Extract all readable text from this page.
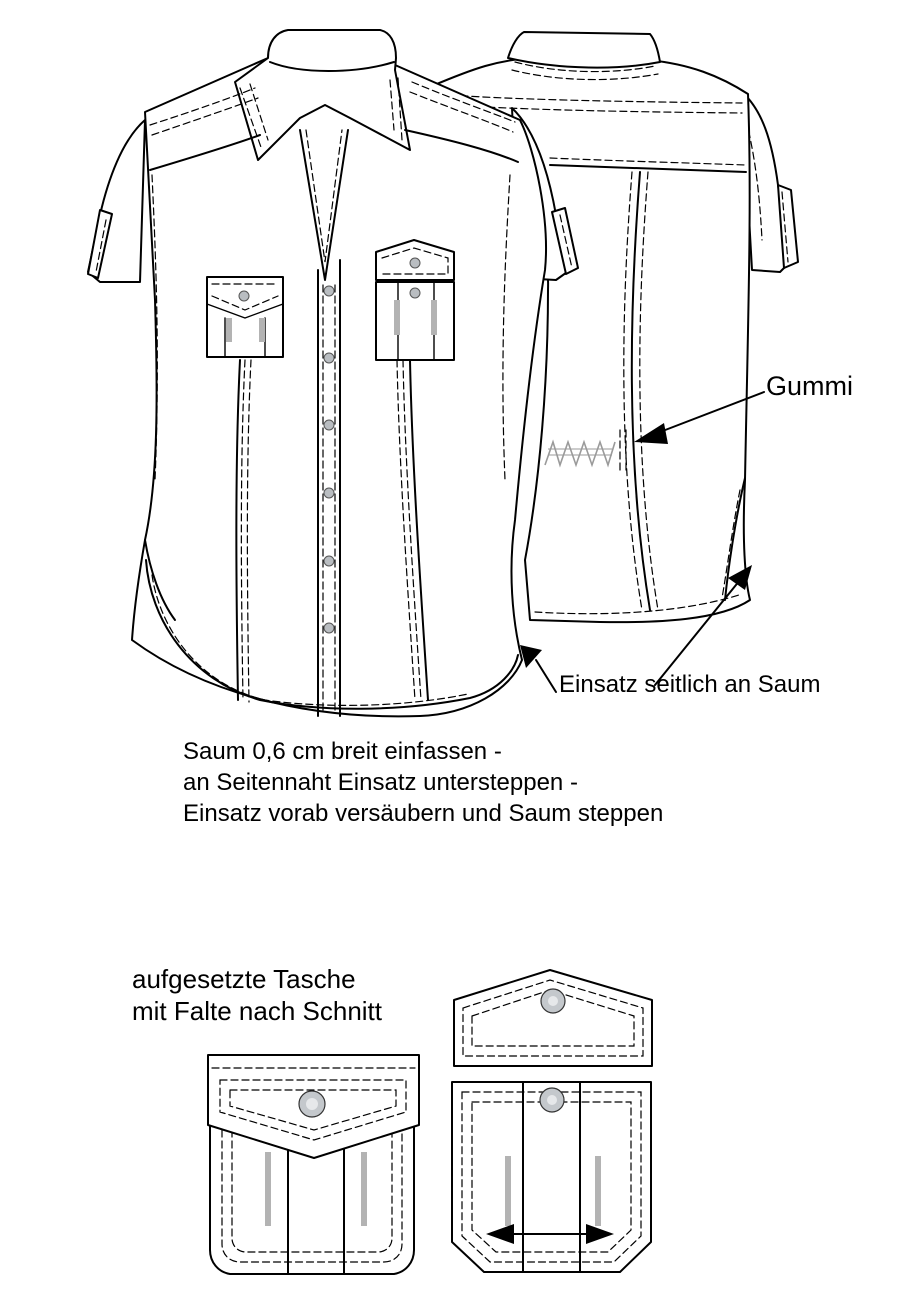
Gummi
Einsatz seitlich an Saum
Saum 0,6 cm breit einfassen -
an Seitennaht Einsatz untersteppen -
Einsatz vorab versäubern und Saum steppen
aufgesetzte Tasche
mit Falte nach Schnitt
